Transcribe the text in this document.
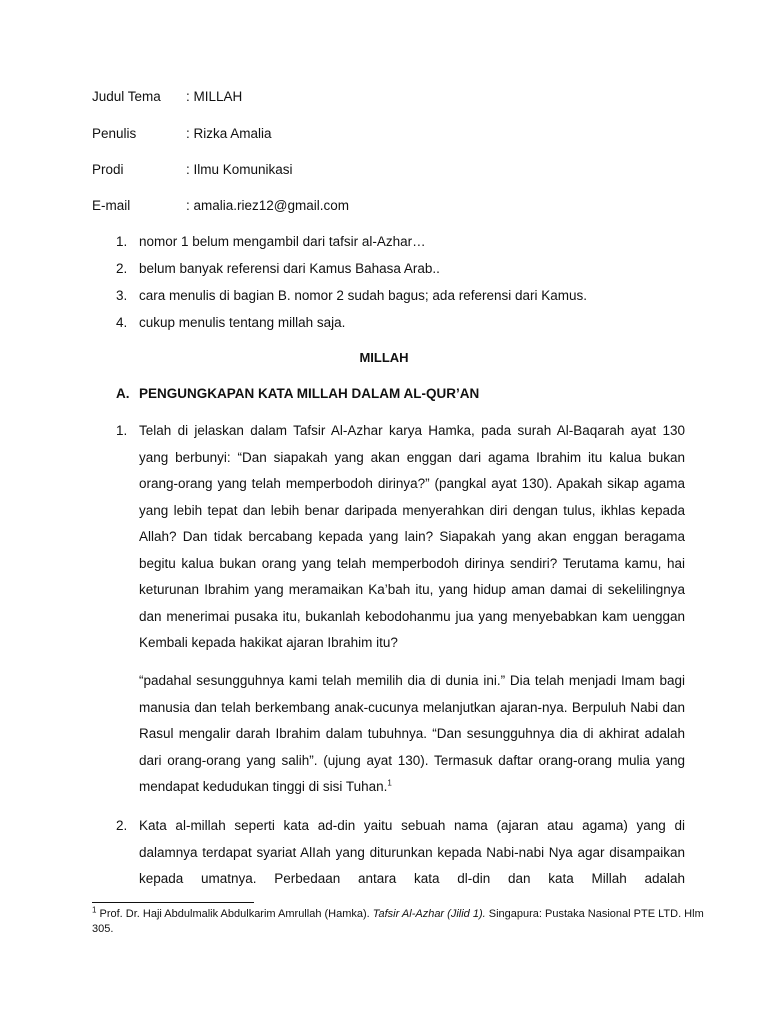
Judul Tema	: MILLAH
Penulis	: Rizka Amalia
Prodi	: Ilmu Komunikasi
E-mail	: amalia.riez12@gmail.com
1. nomor 1 belum mengambil dari tafsir al-Azhar…
2. belum banyak referensi dari Kamus Bahasa Arab..
3. cara menulis di bagian B. nomor 2 sudah bagus; ada referensi dari Kamus.
4. cukup menulis tentang millah saja.
MILLAH
A. PENGUNGKAPAN KATA MILLAH DALAM AL-QUR’AN
1. Telah di jelaskan dalam Tafsir Al-Azhar karya Hamka, pada surah Al-Baqarah ayat 130 yang berbunyi: “Dan siapakah yang akan enggan dari agama Ibrahim itu kalua bukan orang-orang yang telah memperbodoh dirinya?” (pangkal ayat 130). Apakah sikap agama yang lebih tepat dan lebih benar daripada menyerahkan diri dengan tulus, ikhlas kepada Allah? Dan tidak bercabang kepada yang lain? Siapakah yang akan enggan beragama begitu kalua bukan orang yang telah memperbodoh dirinya sendiri? Terutama kamu, hai keturunan Ibrahim yang meramaikan Ka’bah itu, yang hidup aman damai di sekelilingnya dan menerimai pusaka itu, bukanlah kebodohanmu jua yang menyebabkan kam uenggan Kembali kepada hakikat ajaran Ibrahim itu?
“padahal sesungguhnya kami telah memilih dia di dunia ini.” Dia telah menjadi Imam bagi manusia dan telah berkembang anak-cucunya melanjutkan ajaran-nya. Berpuluh Nabi dan Rasul mengalir darah Ibrahim dalam tubuhnya. “Dan sesungguhnya dia di akhirat adalah dari orang-orang yang salih”. (ujung ayat 130). Termasuk daftar orang-orang mulia yang mendapat kedudukan tinggi di sisi Tuhan.$^1$
2. Kata al-millah seperti kata ad-din yaitu sebuah nama (ajaran atau agama) yang di dalamnya terdapat syariat AlIah yang diturunkan kepada Nabi-nabi Nya agar disampaikan kepada umatnya. Perbedaan antara kata dl-din dan kata Millah adalah
$^1$ Prof. Dr. Haji Abdulmalik Abdulkarim Amrullah (Hamka). Tafsir Al-Azhar (Jilid 1). Singapura: Pustaka Nasional PTE LTD. Hlm 305.
